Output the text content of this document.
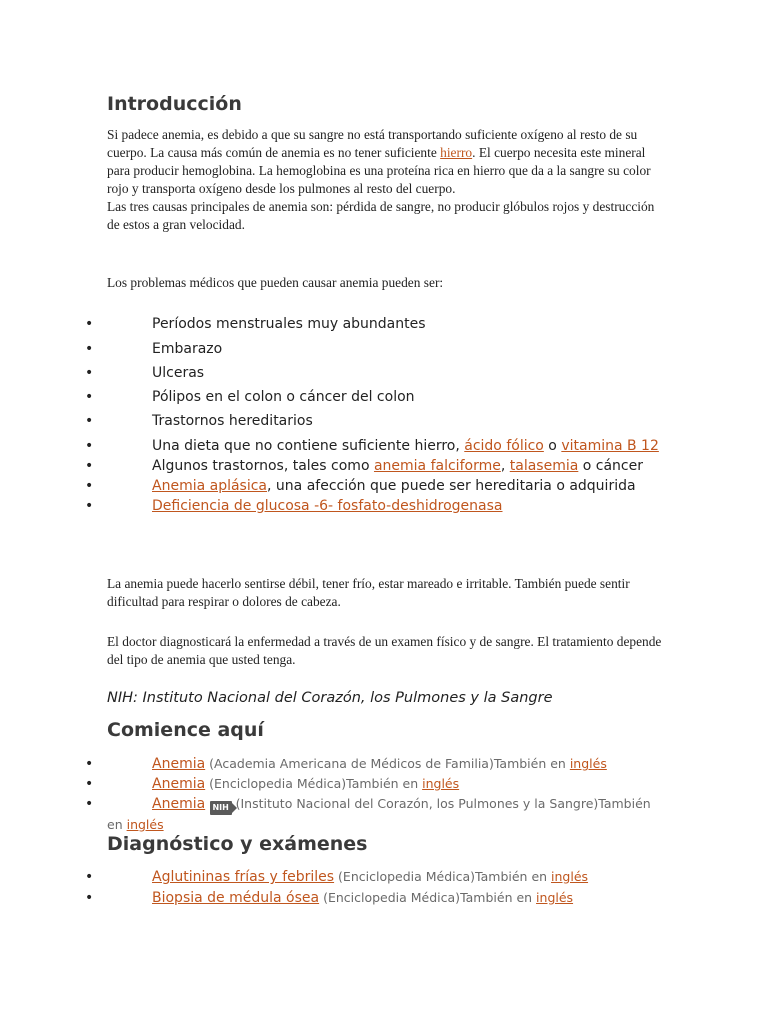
Introducción

Si padece anemia, es debido a que su sangre no está transportando suficiente oxígeno al resto de su cuerpo. La causa más común de anemia es no tener suficiente hierro. El cuerpo necesita este mineral para producir hemoglobina. La hemoglobina es una proteína rica en hierro que da a la sangre su color rojo y transporta oxígeno desde los pulmones al resto del cuerpo.
Las tres causas principales de anemia son: pérdida de sangre, no producir glóbulos rojos y destrucción de estos a gran velocidad.

Los problemas médicos que pueden causar anemia pueden ser:

•	Períodos menstruales muy abundantes
•	Embarazo
•	Ulceras
•	Pólipos en el colon o cáncer del colon
•	Trastornos hereditarios
•	Una dieta que no contiene suficiente hierro, ácido fólico o vitamina B 12
•	Algunos trastornos, tales como anemia falciforme, talasemia o cáncer
•	Anemia aplásica, una afección que puede ser hereditaria o adquirida
•	Deficiencia de glucosa -6- fosfato-deshidrogenasa

La anemia puede hacerlo sentirse débil, tener frío, estar mareado e irritable. También puede sentir dificultad para respirar o dolores de cabeza.

El doctor diagnosticará la enfermedad a través de un examen físico y de sangre. El tratamiento depende del tipo de anemia que usted tenga.

NIH: Instituto Nacional del Corazón, los Pulmones y la Sangre

Comience aquí
•	Anemia (Academia Americana de Médicos de Familia)También en inglés
•	Anemia (Enciclopedia Médica)También en inglés
•	Anemia NIH (Instituto Nacional del Corazón, los Pulmones y la Sangre)También en inglés
Diagnóstico y exámenes
•	Aglutininas frías y febriles (Enciclopedia Médica)También en inglés
•	Biopsia de médula ósea (Enciclopedia Médica)También en inglés
